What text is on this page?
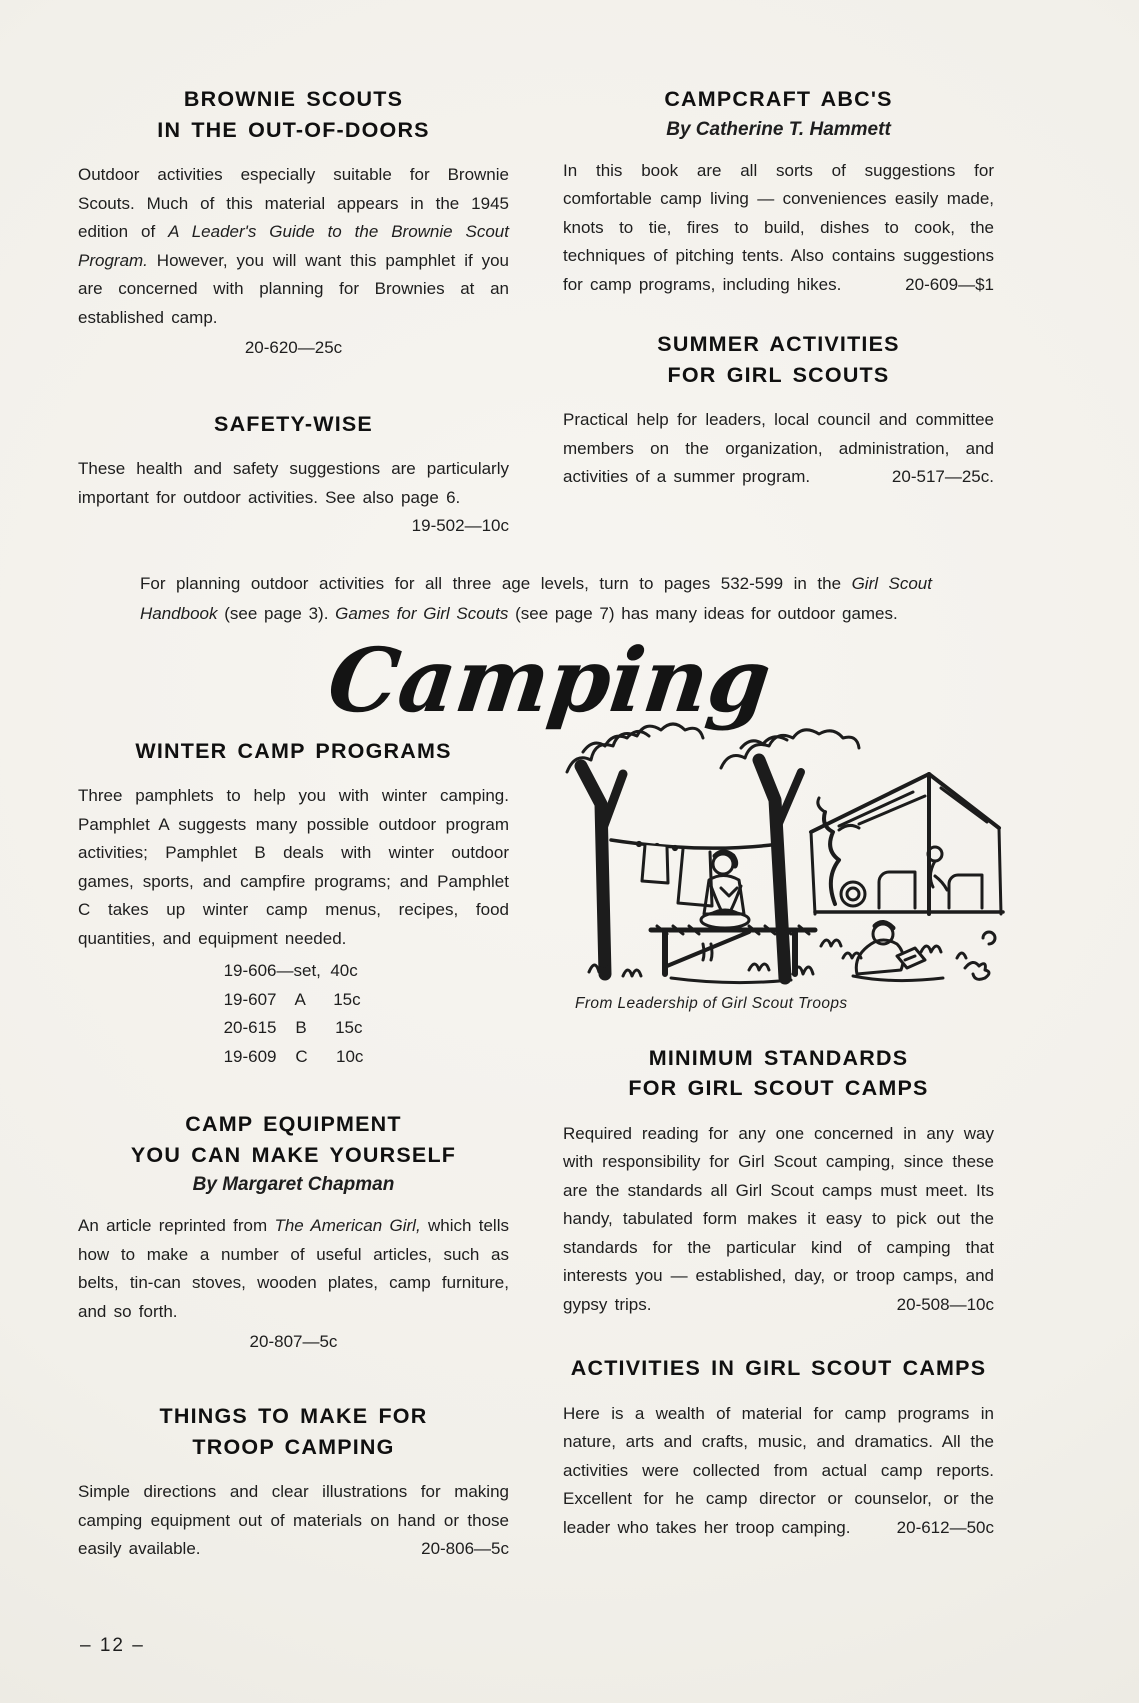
BROWNIE SCOUTS
IN THE OUT-OF-DOORS

Outdoor activities especially suitable for Brownie Scouts. Much of this material appears in the 1945 edition of A Leader's Guide to the Brownie Scout Program. However, you will want this pamphlet if you are concerned with planning for Brownies at an established camp.

20-620—25c
SAFETY-WISE

These health and safety suggestions are particularly important for outdoor activities. See also page 6.
19-502—10c

CAMPCRAFT ABC'S
By Catherine T. Hammett

In this book are all sorts of suggestions for comfortable camp living — conveniences easily made, knots to tie, fires to build, dishes to cook, the techniques of pitching tents. Also contains suggestions for camp programs, including hikes.	20-609—$1

SUMMER ACTIVITIES
FOR GIRL SCOUTS

Practical help for leaders, local council and committee members on the organization, administration, and activities of a summer program.	20-517—25c.

For planning outdoor activities for all three age levels, turn to pages 532-599 in the Girl Scout Handbook (see page 3). Games for Girl Scouts (see page 7) has many ideas for outdoor games.

Camping
WINTER CAMP PROGRAMS

Three pamphlets to help you with winter camping. Pamphlet A suggests many possible outdoor program activities; Pamphlet B deals with winter outdoor games, sports, and campfire programs; and Pamphlet C takes up winter camp menus, recipes, food quantities, and equipment needed.

19-606—set,  40c
19-607    A      15c
20-615    B      15c
19-609    C      10c
CAMP EQUIPMENT
YOU CAN MAKE YOURSELF
By Margaret Chapman

An article reprinted from The American Girl, which tells how to make a number of useful articles, such as belts, tin-can stoves, wooden plates, camp furniture, and so forth.

20-807—5c
THINGS TO MAKE FOR
TROOP CAMPING

Simple directions and clear illustrations for making camping equipment out of materials on hand or those easily available.	20-806—5c

From Leadership of Girl Scout Troops
MINIMUM STANDARDS
FOR GIRL SCOUT CAMPS

Required reading for any one concerned in any way with responsibility for Girl Scout camping, since these are the standards all Girl Scout camps must meet. Its handy, tabulated form makes it easy to pick out the standards for the particular kind of camping that interests you — established, day, or troop camps, and gypsy trips.	20-508—10c

ACTIVITIES IN GIRL SCOUT CAMPS

Here is a wealth of material for camp programs in nature, arts and crafts, music, and dramatics. All the activities were collected from actual camp reports. Excellent for he camp director or counselor, or the leader who takes her troop camping.	20-612—50c

– 12 –
